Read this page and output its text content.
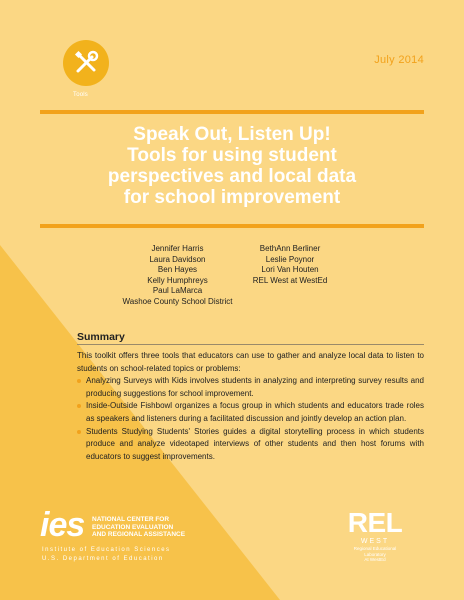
Tools
July 2014
Speak Out, Listen Up!
Tools for using student
perspectives and local data
for school improvement
Jennifer Harris
Laura Davidson
Ben Hayes
Kelly Humphreys
Paul LaMarca
Washoe County School District
BethAnn Berliner
Leslie Poynor
Lori Van Houten
REL West at WestEd
Summary

This toolkit offers three tools that educators can use to gather and analyze local data to listen to students on school-related topics or problems:

Analyzing Surveys with Kids involves students in analyzing and interpreting survey results and producing suggestions for school improvement.
Inside-Outside Fishbowl organizes a focus group in which students and educators trade roles as speakers and listeners during a facilitated discussion and jointly develop an action plan.
Students Studying Students' Stories guides a digital storytelling process in which students produce and analyze videotaped interviews of other students and then host forums with educators to suggest improvements.
ies NATIONAL CENTER FOR
EDUCATION EVALUATION
AND REGIONAL ASSISTANCE
Institute of Education Sciences
U.S. Department of Education
REL
WEST
Regional Educational Laboratory
At WestEd
